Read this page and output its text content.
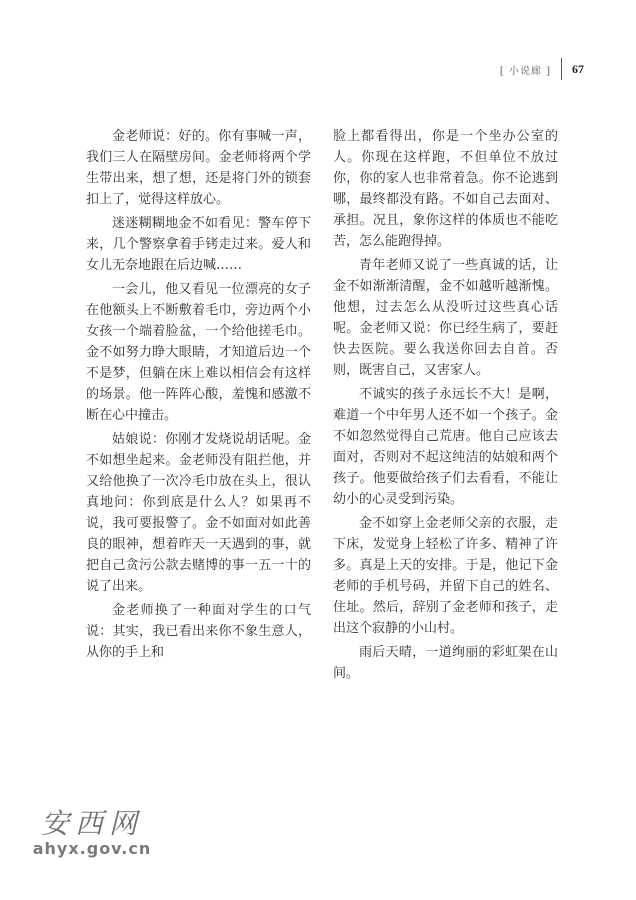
[ 小说廊 ] 67

金老师说：好的。你有事喊一声，我们三人在隔壁房间。金老师将两个学生带出来，想了想，还是将门外的锁套扣上了，觉得这样放心。

迷迷糊糊地金不如看见：警车停下来，几个警察拿着手铐走过来。爱人和女儿无奈地跟在后边喊……

一会儿，他又看见一位漂亮的女子在他额头上不断敷着毛巾，旁边两个小女孩一个端着脸盆，一个给他搓毛巾。金不如努力睁大眼睛，才知道后边一个不是梦，但躺在床上难以相信会有这样的场景。他一阵阵心酸，羞愧和感激不断在心中撞击。

姑娘说：你刚才发烧说胡话呢。金不如想坐起来。金老师没有阻拦他，并又给他换了一次冷毛巾放在头上，很认真地问：你到底是什么人？如果再不说，我可要报警了。金不如面对如此善良的眼神，想着昨天一天遇到的事，就把自己贪污公款去赌博的事一五一十的说了出来。

金老师换了一种面对学生的口气说：其实，我已看出来你不象生意人，从你的手上和

脸上都看得出，你是一个坐办公室的人。你现在这样跑，不但单位不放过你，你的家人也非常着急。你不论逃到哪，最终都没有路。不如自己去面对、承担。况且，象你这样的体质也不能吃苦，怎么能跑得掉。

青年老师又说了一些真诚的话，让金不如渐渐清醒，金不如越听越渐愧。他想，过去怎么从没听过这些真心话呢。金老师又说：你已经生病了，要赶快去医院。要么我送你回去自首。否则，既害自己，又害家人。

不诚实的孩子永远长不大！是啊，难道一个中年男人还不如一个孩子。金不如忽然觉得自己荒唐。他自己应该去面对，否则对不起这纯洁的姑娘和两个孩子。他要做给孩子们去看看，不能让幼小的心灵受到污染。

金不如穿上金老师父亲的衣服，走下床，发觉身上轻松了许多、精神了许多。真是上天的安排。于是，他记下金老师的手机号码，并留下自己的姓名、住址。然后，辞别了金老师和孩子，走出这个寂静的小山村。

雨后天晴，一道绚丽的彩虹架在山间。

安西网
ahyx.gov.cn
